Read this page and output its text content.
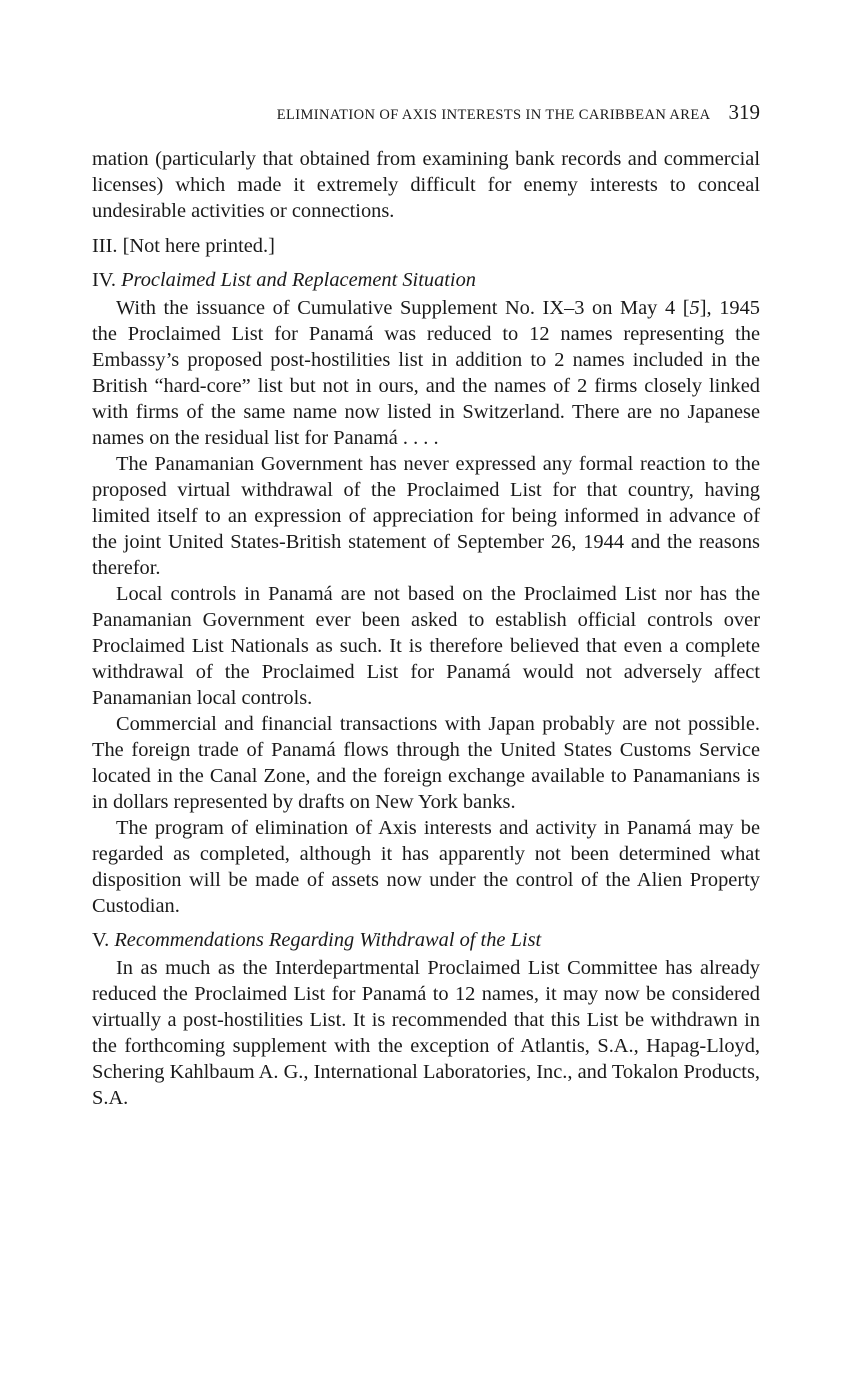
ELIMINATION OF AXIS INTERESTS IN THE CARIBBEAN AREA 319

mation (particularly that obtained from examining bank records and commercial licenses) which made it extremely difficult for enemy interests to conceal undesirable activities or connections.

III. [Not here printed.]

IV. Proclaimed List and Replacement Situation

With the issuance of Cumulative Supplement No. IX–3 on May 4 [5], 1945 the Proclaimed List for Panamá was reduced to 12 names representing the Embassy’s proposed post-hostilities list in addition to 2 names included in the British “hard-core” list but not in ours, and the names of 2 firms closely linked with firms of the same name now listed in Switzerland. There are no Japanese names on the residual list for Panamá . . . .

The Panamanian Government has never expressed any formal reaction to the proposed virtual withdrawal of the Proclaimed List for that country, having limited itself to an expression of appreciation for being informed in advance of the joint United States-British statement of September 26, 1944 and the reasons therefor.

Local controls in Panamá are not based on the Proclaimed List nor has the Panamanian Government ever been asked to establish official controls over Proclaimed List Nationals as such. It is therefore believed that even a complete withdrawal of the Proclaimed List for Panamá would not adversely affect Panamanian local controls.

Commercial and financial transactions with Japan probably are not possible. The foreign trade of Panamá flows through the United States Customs Service located in the Canal Zone, and the foreign exchange available to Panamanians is in dollars represented by drafts on New York banks.

The program of elimination of Axis interests and activity in Panamá may be regarded as completed, although it has apparently not been determined what disposition will be made of assets now under the control of the Alien Property Custodian.

V. Recommendations Regarding Withdrawal of the List

In as much as the Interdepartmental Proclaimed List Committee has already reduced the Proclaimed List for Panamá to 12 names, it may now be considered virtually a post-hostilities List. It is recommended that this List be withdrawn in the forthcoming supplement with the exception of Atlantis, S.A., Hapag-Lloyd, Schering Kahlbaum A. G., International Laboratories, Inc., and Tokalon Products, S.A.
